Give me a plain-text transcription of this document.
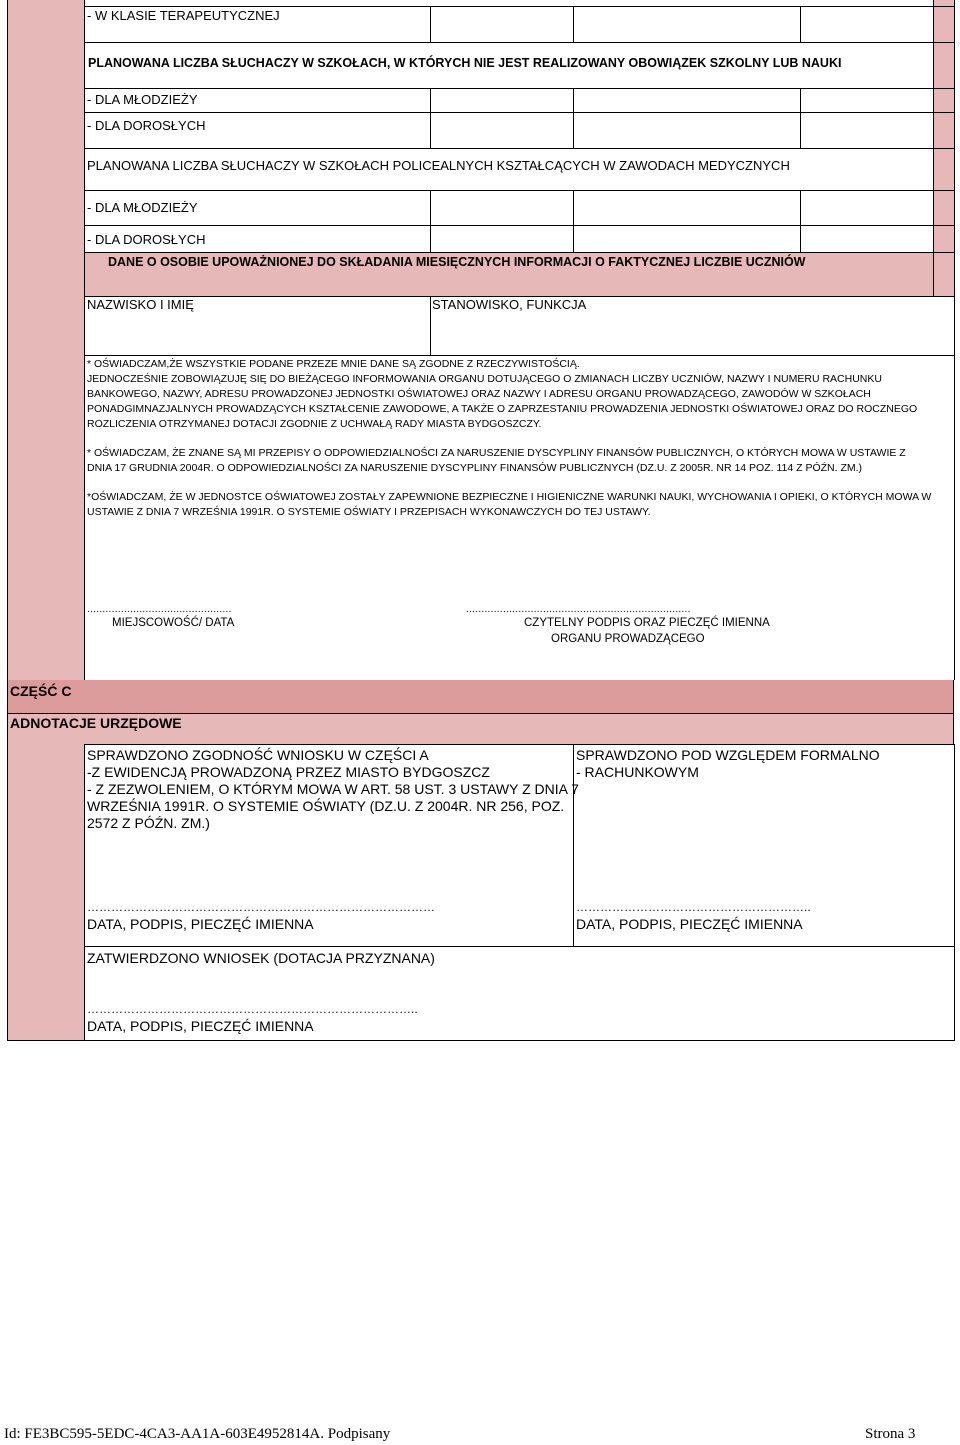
- W KLASIE TERAPEUTYCZNEJ
PLANOWANA LICZBA SŁUCHACZY W SZKOŁACH, W KTÓRYCH NIE JEST REALIZOWANY OBOWIĄZEK SZKOLNY LUB NAUKI
- DLA MŁODZIEŻY
- DLA DOROSŁYCH
PLANOWANA LICZBA SŁUCHACZY W SZKOŁACH POLICEALNYCH KSZTAŁCĄCYCH W ZAWODACH MEDYCZNYCH
- DLA MŁODZIEŻY
- DLA DOROSŁYCH
DANE O OSOBIE UPOWAŻNIONEJ DO SKŁADANIA MIESIĘCZNYCH INFORMACJI O FAKTYCZNEJ LICZBIE UCZNIÓW
NAZWISKO I IMIĘ	STANOWISKO, FUNKCJA

* OŚWIADCZAM,ŻE WSZYSTKIE PODANE PRZEZE MNIE DANE SĄ ZGODNE Z RZECZYWISTOŚCIĄ.

JEDNOCZEŚNIE ZOBOWIĄZUJĘ SIĘ DO BIEŻĄCEGO INFORMOWANIA ORGANU DOTUJĄCEGO O ZMIANACH LICZBY UCZNIÓW, NAZWY I NUMERU RACHUNKU BANKOWEGO, NAZWY, ADRESU PROWADZONEJ JEDNOSTKI OŚWIATOWEJ ORAZ NAZWY I ADRESU ORGANU PROWADZĄCEGO, ZAWODÓW W SZKOŁACH PONADGIMNAZJALNYCH PROWADZĄCYCH KSZTAŁCENIE ZAWODOWE, A TAKŻE O ZAPRZESTANIU PROWADZENIA JEDNOSTKI OŚWIATOWEJ ORAZ DO ROCZNEGO ROZLICZENIA OTRZYMANEJ DOTACJI ZGODNIE Z UCHWAŁĄ RADY MIASTA BYDGOSZCZY.

* OŚWIADCZAM, ŻE ZNANE SĄ MI PRZEPISY O ODPOWIEDZIALNOŚCI ZA NARUSZENIE DYSCYPLINY FINANSÓW PUBLICZNYCH, O KTÓRYCH MOWA W USTAWIE Z DNIA 17 GRUDNIA 2004R. O ODPOWIEDZIALNOŚCI ZA NARUSZENIE DYSCYPLINY FINANSÓW PUBLICZNYCH (DZ.U. Z 2005R. NR 14 POZ. 114 Z PÓŹN. ZM.)

*OŚWIADCZAM, ŻE W JEDNOSTCE OŚWIATOWEJ ZOSTAŁY ZAPEWNIONE BEZPIECZNE I HIGIENICZNE WARUNKI NAUKI, WYCHOWANIA I OPIEKI, O KTÓRYCH MOWA W USTAWIE Z DNIA 7 WRZEŚNIA 1991R. O SYSTEMIE OŚWIATY I PRZEPISACH WYKONAWCZYCH DO TEJ USTAWY.

...............................................	.........................................................................
MIEJSCOWOŚĆ/ DATA	CZYTELNY PODPIS ORAZ PIECZĘĆ IMIENNA
ORGANU PROWADZĄCEGO
CZĘŚĆ C
ADNOTACJE URZĘDOWE
SPRAWDZONO ZGODNOŚĆ WNIOSKU W CZĘŚCI A
-Z EWIDENCJĄ PROWADZONĄ PRZEZ MIASTO BYDGOSZCZ
- Z ZEZWOLENIEM, O KTÓRYM MOWA W ART. 58 UST. 3 USTAWY Z DNIA 7
WRZEŚNIA 1991R. O SYSTEMIE OŚWIATY (DZ.U. Z 2004R. NR 256, POZ.
2572 Z PÓŹN. ZM.)
SPRAWDZONO POD WZGLĘDEM FORMALNO
- RACHUNKOWYM
……………………………………………………………………………	…………………………………………………..
DATA, PODPIS, PIECZĘĆ IMIENNA	DATA, PODPIS, PIECZĘĆ IMIENNA
ZATWIERDZONO WNIOSEK (DOTACJA PRZYZNANA)
………………………………………………………………………..
DATA, PODPIS, PIECZĘĆ IMIENNA
Id: FE3BC595-5EDC-4CA3-AA1A-603E4952814A. Podpisany	Strona 3
